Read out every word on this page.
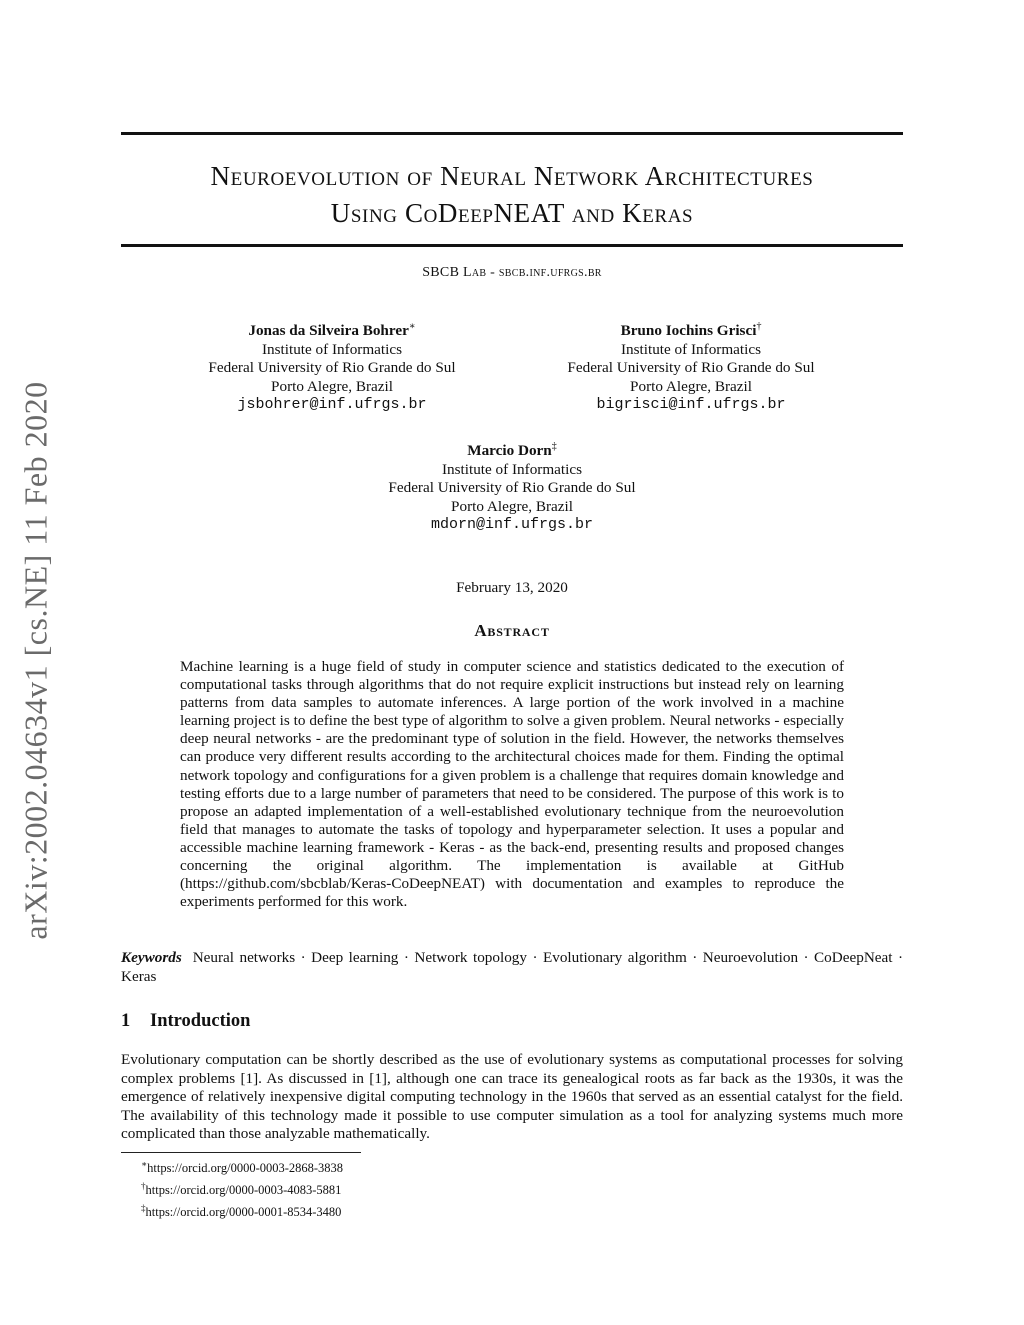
arXiv:2002.04634v1 [cs.NE] 11 Feb 2020
Neuroevolution of Neural Network Architectures
Using CoDeepNEAT and Keras
SBCB Lab - sbcb.inf.ufrgs.br
Jonas da Silveira Bohrer∗
Institute of Informatics
Federal University of Rio Grande do Sul
Porto Alegre, Brazil
jsbohrer@inf.ufrgs.br
Bruno Iochins Grisci†
Institute of Informatics
Federal University of Rio Grande do Sul
Porto Alegre, Brazil
bigrisci@inf.ufrgs.br
Marcio Dorn‡
Institute of Informatics
Federal University of Rio Grande do Sul
Porto Alegre, Brazil
mdorn@inf.ufrgs.br
February 13, 2020
Abstract
Machine learning is a huge field of study in computer science and statistics dedicated to the execution of computational tasks through algorithms that do not require explicit instructions but instead rely on learning patterns from data samples to automate inferences. A large portion of the work involved in a machine learning project is to define the best type of algorithm to solve a given problem. Neural networks - especially deep neural networks - are the predominant type of solution in the field. However, the networks themselves can produce very different results according to the architectural choices made for them. Finding the optimal network topology and configurations for a given problem is a challenge that requires domain knowledge and testing efforts due to a large number of parameters that need to be considered. The purpose of this work is to propose an adapted implementation of a well-established evolutionary technique from the neuroevolution field that manages to automate the tasks of topology and hyperparameter selection. It uses a popular and accessible machine learning framework - Keras - as the back-end, presenting results and proposed changes concerning the original algorithm. The implementation is available at GitHub (https://github.com/sbcblab/Keras-CoDeepNEAT) with documentation and examples to reproduce the experiments performed for this work.
Keywords Neural networks · Deep learning · Network topology · Evolutionary algorithm · Neuroevolution · CoDeepNeat · Keras
1 Introduction
Evolutionary computation can be shortly described as the use of evolutionary systems as computational processes for solving complex problems [1]. As discussed in [1], although one can trace its genealogical roots as far back as the 1930s, it was the emergence of relatively inexpensive digital computing technology in the 1960s that served as an essential catalyst for the field. The availability of this technology made it possible to use computer simulation as a tool for analyzing systems much more complicated than those analyzable mathematically.
∗https://orcid.org/0000-0003-2868-3838
†https://orcid.org/0000-0003-4083-5881
‡https://orcid.org/0000-0001-8534-3480
